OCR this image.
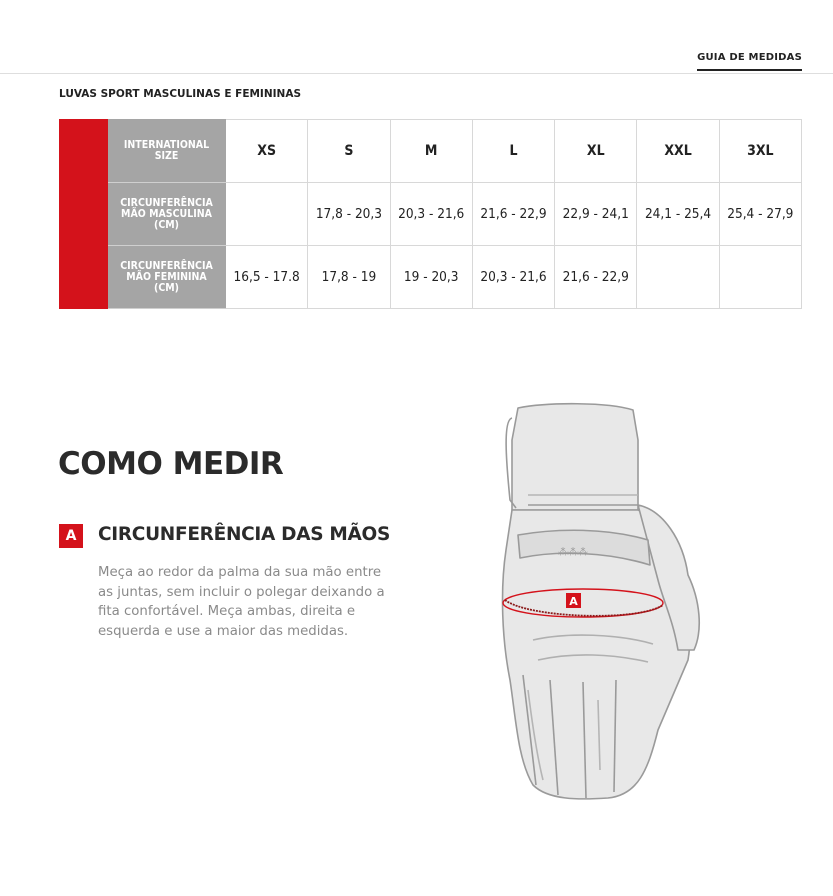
GUIA DE MEDIDAS
LUVAS SPORT MASCULINAS E FEMININAS
	INTERNATIONAL
SIZE	XS	S	M	L	XL	XXL	3XL
	CIRCUNFERÊNCIA
MÃO MASCULINA
(CM)		17,8 - 20,3	20,3 - 21,6	21,6 - 22,9	22,9 - 24,1	24,1 - 25,4	25,4 - 27,9
	CIRCUNFERÊNCIA
MÃO FEMININA
(CM)	16,5 - 17.8	17,8 - 19	19 - 20,3	20,3 - 21,6	21,6 - 22,9		
COMO MEDIR
A	CIRCUNFERÊNCIA DAS MÃOS
Meça ao redor da palma da sua mão entre as juntas, sem incluir o polegar deixando a fita confortável. Meça ambas, direita e esquerda e use a maior das medidas.
⁂⁂⁂
A
